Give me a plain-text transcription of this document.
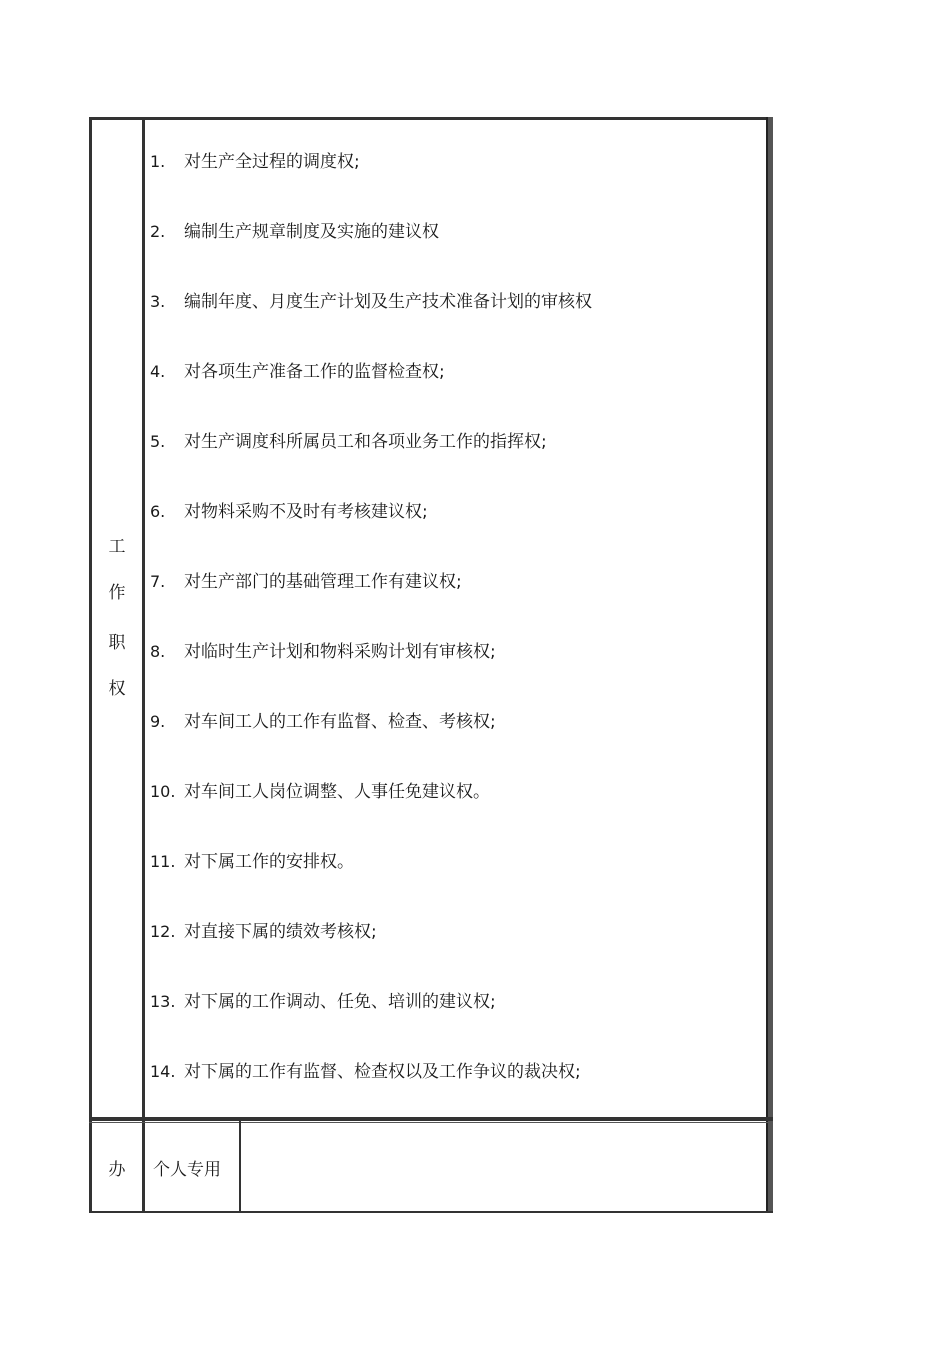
工
作
职
权
1.	对生产全过程的调度权;
2.	编制生产规章制度及实施的建议权
3.	编制年度、月度生产计划及生产技术准备计划的审核权
4.	对各项生产准备工作的监督检查权;
5.	对生产调度科所属员工和各项业务工作的指挥权;
6.	对物料采购不及时有考核建议权;
7.	对生产部门的基础管理工作有建议权;
8.	对临时生产计划和物料采购计划有审核权;
9.	对车间工人的工作有监督、检查、考核权;
10. 对车间工人岗位调整、人事任免建议权。
11. 对下属工作的安排权。
12. 对直接下属的绩效考核权;
13. 对下属的工作调动、任免、培训的建议权;
14. 对下属的工作有监督、检查权以及工作争议的裁决权;
办	个人专用
